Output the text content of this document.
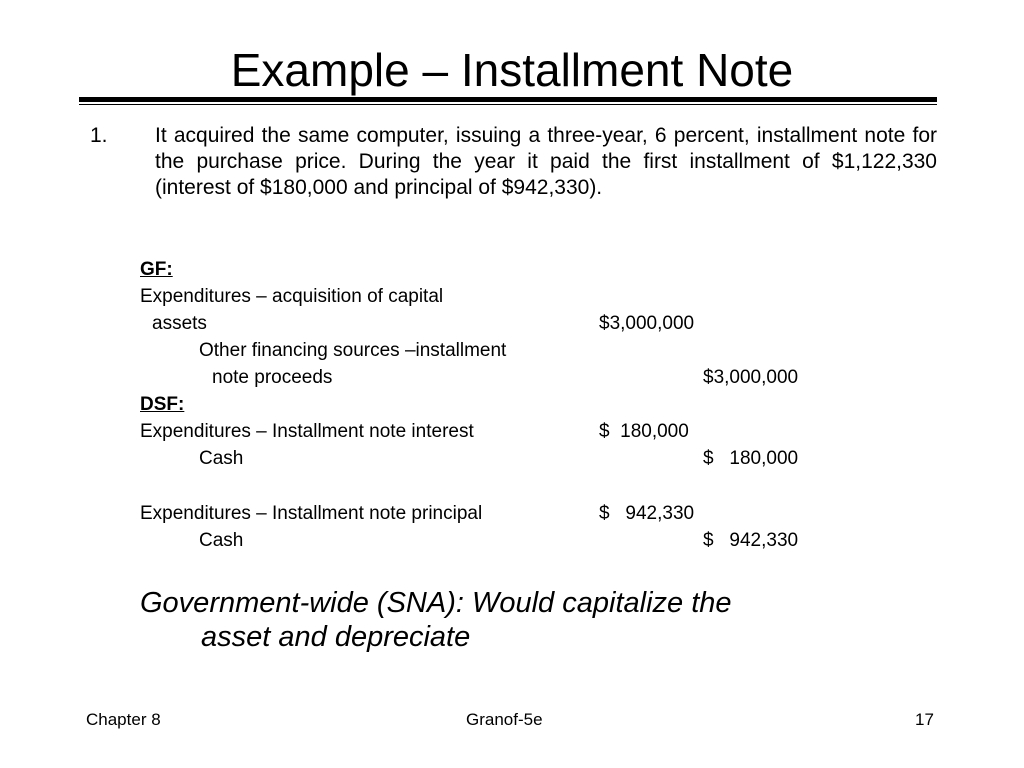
Example – Installment Note
1. It acquired the same computer, issuing a three-year, 6 percent, installment note for the purchase price. During the year it paid the first installment of $1,122,330 (interest of $180,000 and principal of $942,330).
GF:
Expenditures – acquisition of capital
assets	$3,000,000
Other financing sources –installment
note proceeds	$3,000,000
DSF:
Expenditures – Installment note interest	$  180,000
Cash	$   180,000
Expenditures – Installment note principal	$   942,330
Cash	$   942,330
Government-wide (SNA): Would capitalize the
asset and depreciate
Chapter 8	Granof-5e	17
